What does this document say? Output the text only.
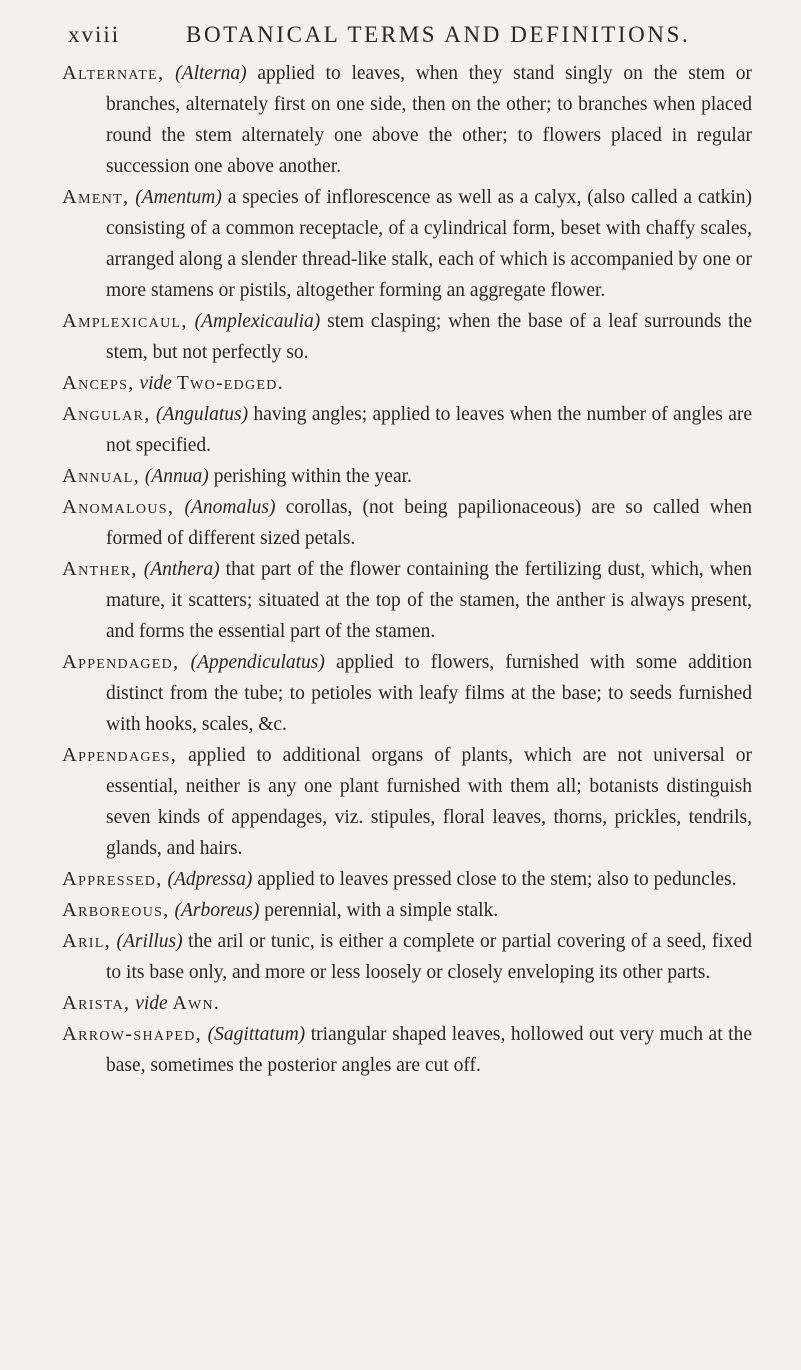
xviii	BOTANICAL TERMS AND DEFINITIONS.

Alternate, (Alterna) applied to leaves, when they stand singly on the stem or branches, alternately first on one side, then on the other; to branches when placed round the stem alternately one above the other; to flowers placed in regular succession one above another.

Ament, (Amentum) a species of inflorescence as well as a calyx, (also called a catkin) consisting of a common receptacle, of a cylindrical form, beset with chaffy scales, arranged along a slender thread-like stalk, each of which is accompanied by one or more stamens or pistils, altogether forming an aggregate flower.

Amplexicaul, (Amplexicaulia) stem clasping; when the base of a leaf surrounds the stem, but not perfectly so.

Anceps, vide Two-edged.

Angular, (Angulatus) having angles; applied to leaves when the number of angles are not specified.

Annual, (Annua) perishing within the year.

Anomalous, (Anomalus) corollas, (not being papilionaceous) are so called when formed of different sized petals.

Anther, (Anthera) that part of the flower containing the fertilizing dust, which, when mature, it scatters; situated at the top of the stamen, the anther is always present, and forms the essential part of the stamen.

Appendaged, (Appendiculatus) applied to flowers, furnished with some addition distinct from the tube; to petioles with leafy films at the base; to seeds furnished with hooks, scales, &c.

Appendages, applied to additional organs of plants, which are not universal or essential, neither is any one plant furnished with them all; botanists distinguish seven kinds of appendages, viz. stipules, floral leaves, thorns, prickles, tendrils, glands, and hairs.

Appressed, (Adpressa) applied to leaves pressed close to the stem; also to peduncles.

Arboreous, (Arboreus) perennial, with a simple stalk.

Aril, (Arillus) the aril or tunic, is either a complete or partial covering of a seed, fixed to its base only, and more or less loosely or closely enveloping its other parts.

Arista, vide Awn.

Arrow-shaped, (Sagittatum) triangular shaped leaves, hollowed out very much at the base, sometimes the posterior angles are cut off.
